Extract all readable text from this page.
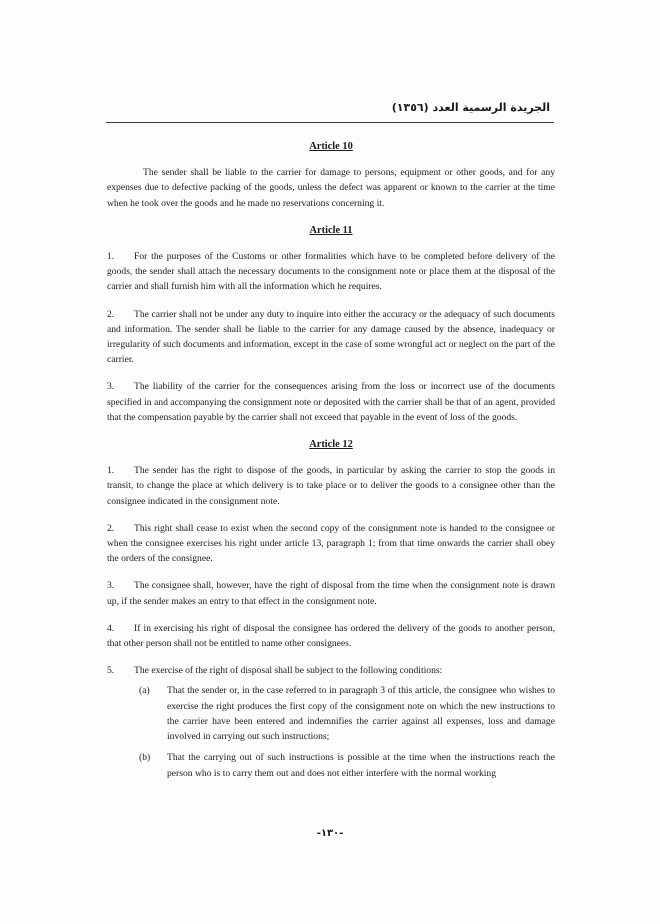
الجريدة الرسمية العدد (١٣٥٦)
Article 10

The sender shall be liable to the carrier for damage to persons, equipment or other goods, and for any expenses due to defective packing of the goods, unless the defect was apparent or known to the carrier at the time when he took over the goods and he made no reservations concerning it.

Article 11

1. For the purposes of the Customs or other formalities which have to be completed before delivery of the goods, the sender shall attach the necessary documents to the consignment note or place them at the disposal of the carrier and shall furnish him with all the information which he requires.

2. The carrier shall not be under any duty to inquire into either the accuracy or the adequacy of such documents and information. The sender shall be liable to the carrier for any damage caused by the absence, inadequacy or irregularity of such documents and information, except in the case of some wrongful act or neglect on the part of the carrier.

3. The liability of the carrier for the consequences arising from the loss or incorrect use of the documents specified in and accompanying the consignment note or deposited with the carrier shall be that of an agent, provided that the compensation payable by the carrier shall not exceed that payable in the event of loss of the goods.

Article 12

1. The sender has the right to dispose of the goods, in particular by asking the carrier to stop the goods in transit, to change the place at which delivery is to take place or to deliver the goods to a consignee other than the consignee indicated in the consignment note.

2. This right shall cease to exist when the second copy of the consignment note is handed to the consignee or when the consignee exercises his right under article 13, paragraph 1; from that time onwards the carrier shall obey the orders of the consignee.

3. The consignee shall, however, have the right of disposal from the time when the consignment note is drawn up, if the sender makes an entry to that effect in the consignment note.

4. If in exercising his right of disposal the consignee has ordered the delivery of the goods to another person, that other person shall not be entitled to name other consignees.

5. The exercise of the right of disposal shall be subject to the following conditions:

(a)	That the sender or, in the case referred to in paragraph 3 of this article, the consignee who wishes to exercise the right produces the first copy of the consignment note on which the new instructions to the carrier have been entered and indemnifies the carrier against all expenses, loss and damage involved in carrying out such instructions;
(b)	That the carrying out of such instructions is possible at the time when the instructions reach the person who is to carry them out and does not either interfere with the normal working
-١٣٠-
